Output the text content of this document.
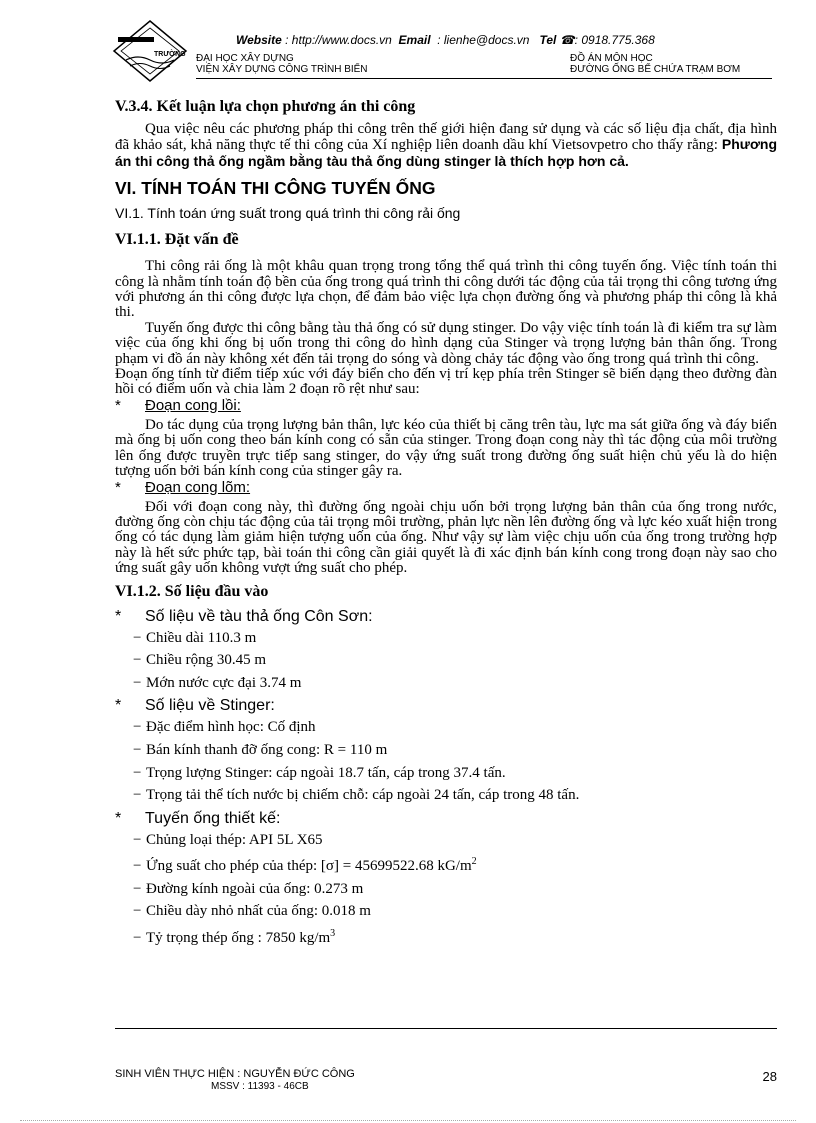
TRƯỜNG
Website : http://www.docs.vn Email : lienhe@docs.vn Tel ☎: 0918.775.368
ĐẠI HỌC XÂY DỰNG
VIỆN XÂY DỰNG CÔNG TRÌNH BIỂN
ĐỒ ÁN MÔN HỌC
ĐƯỜNG ỐNG BỂ CHỨA TRẠM BƠM
V.3.4. Kết luận lựa chọn phương án thi công

Qua việc nêu các phương pháp thi công trên thế giới hiện đang sử dụng và các số liệu địa chất, địa hình đã khảo sát, khả năng thực tế thi công của Xí nghiệp liên doanh dầu khí Vietsovpetro cho thấy rằng: Phương án thi công thả ống ngầm bằng tàu thả ống dùng stinger là thích hợp hơn cả.

VI. TÍNH TOÁN THI CÔNG TUYẾN ỐNG
VI.1. Tính toán ứng suất trong quá trình thi công rải ống
VI.1.1. Đặt vấn đề

Thi công rải ống là một khâu quan trọng trong tổng thể quá trình thi công tuyến ống. Việc tính toán thi công là nhằm tính toán độ bền của ống trong quá trình thi công dưới tác động của tải trọng thi công tương ứng với phương án thi công được lựa chọn, để đảm bảo việc lựa chọn đường ống và phương pháp thi công là khả thi.

Tuyến ống được thi công bằng tàu thả ống có sử dụng stinger. Do vậy việc tính toán là đi kiểm tra sự làm việc của ống khi ống bị uốn trong thi công do hình dạng của Stinger và trọng lượng bản thân ống. Trong phạm vi đồ án này không xét đến tải trọng do sóng và dòng chảy tác động vào ống trong quá trình thi công.

Đoạn ống tính từ điểm tiếp xúc với đáy biển cho đến vị trí kẹp phía trên Stinger sẽ biến dạng theo đường đàn hồi có điểm uốn và chia làm 2 đoạn rõ rệt như sau:

*	Đoạn cong lồi:

Do tác dụng của trọng lượng bản thân, lực kéo của thiết bị căng trên tàu, lực ma sát giữa ống và đáy biển mà ống bị uốn cong theo bán kính cong có sẵn của stinger. Trong đoạn cong này thì tác động của môi trường lên ống được truyền trực tiếp sang stinger, do vậy ứng suất trong đường ống suất hiện chủ yếu là do hiện tượng uốn bởi bán kính cong của stinger gây ra.

*	Đoạn cong lõm:

Đối với đoạn cong này, thì đường ống ngoài chịu uốn bởi trọng lượng bản thân của ống trong nước, đường ống còn chịu tác động của tải trọng môi trường, phản lực nền lên đường ống và lực kéo xuất hiện trong ống có tác dụng làm giảm hiện tượng uốn của ống. Như vậy sự làm việc chịu uốn của ống trong trường hợp này là hết sức phức tạp, bài toán thi công cần giải quyết là đi xác định bán kính cong trong đoạn này sao cho ứng suất gây uốn không vượt ứng suất cho phép.

VI.1.2. Số liệu đầu vào
*	Số liệu về tàu thả ống Côn Sơn:
− Chiều dài 110.3 m
− Chiều rộng 30.45 m
− Mớn nước cực đại 3.74 m
*	Số liệu về Stinger:
− Đặc điểm hình học: Cố định
− Bán kính thanh đỡ ống cong: R = 110 m
− Trọng lượng Stinger: cáp ngoài 18.7 tấn, cáp trong 37.4 tấn.
− Trọng tải thể tích nước bị chiếm chỗ: cáp ngoài 24 tấn, cáp trong 48 tấn.
*	Tuyến ống thiết kế:
− Chủng loại thép: API 5L X65
− Ứng suất cho phép của thép: [σ] = 45699522.68 $kG/m^2$
− Đường kính ngoài của ống: 0.273 m
− Chiều dày nhỏ nhất của ống: 0.018 m
− Tỷ trọng thép ống : 7850 $kg/m^3$
SINH VIÊN THỰC HIỆN : NGUYỄN ĐỨC CÔNG
MSSV : 11393 - 46CB
28
